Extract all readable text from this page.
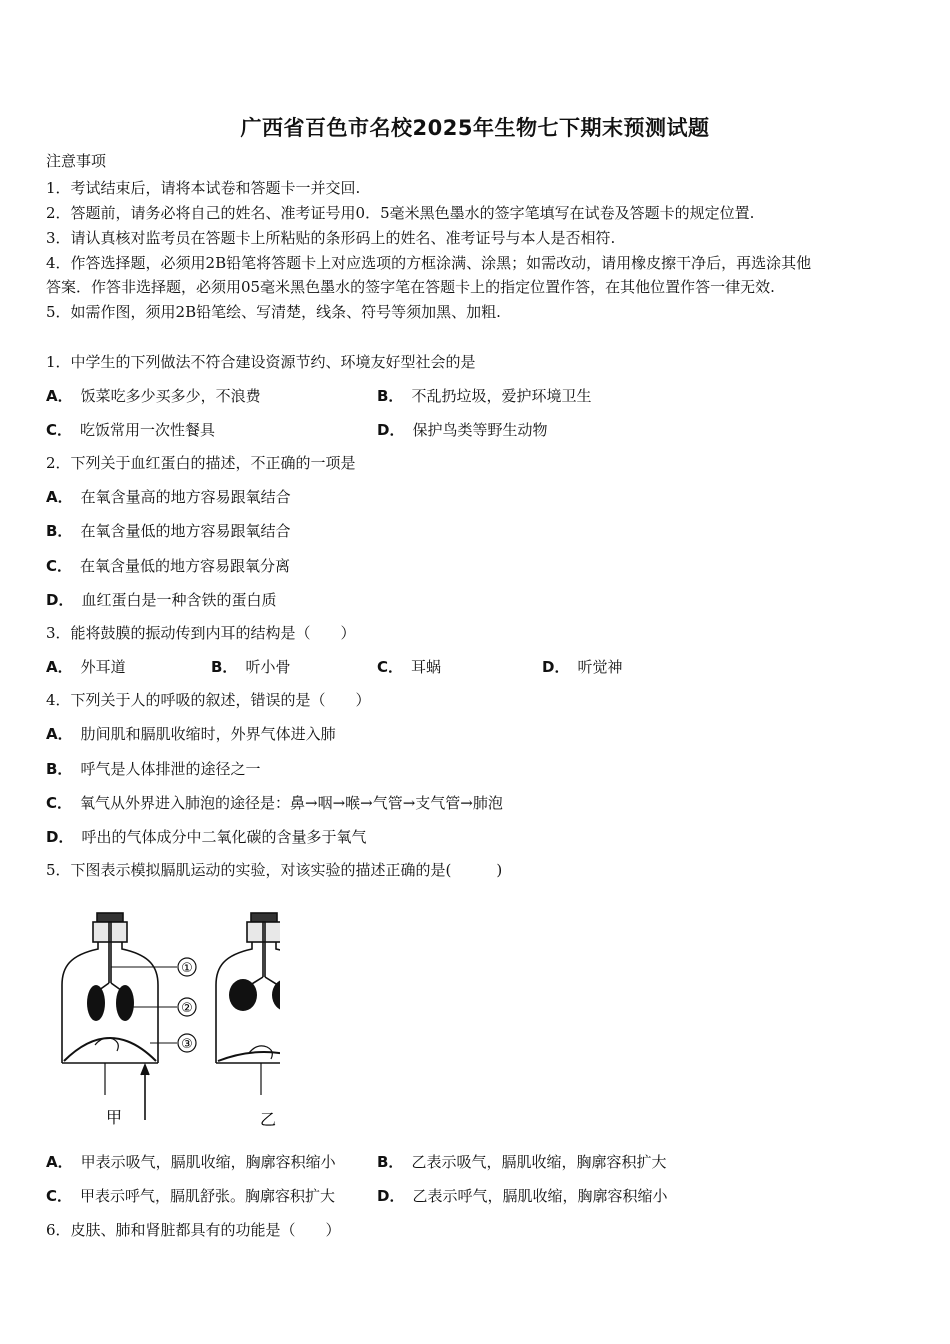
广西省百色市名校2025年生物七下期末预测试题
注意事项
1．考试结束后，请将本试卷和答题卡一并交回.
2．答题前，请务必将自己的姓名、准考证号用0．5毫米黑色墨水的签字笔填写在试卷及答题卡的规定位置.
3．请认真核对监考员在答题卡上所粘贴的条形码上的姓名、准考证号与本人是否相符.
4．作答选择题，必须用2B铅笔将答题卡上对应选项的方框涂满、涂黑；如需改动，请用橡皮擦干净后，再选涂其他
答案．作答非选择题，必须用05毫米黑色墨水的签字笔在答题卡上的指定位置作答，在其他位置作答一律无效.
5．如需作图，须用2B铅笔绘、写清楚，线条、符号等须加黑、加粗.
1．中学生的下列做法不符合建设资源节约、环境友好型社会的是
A． 饭菜吃多少买多少，不浪费	B． 不乱扔垃圾，爱护环境卫生
C． 吃饭常用一次性餐具	D． 保护鸟类等野生动物
2．下列关于血红蛋白的描述，不正确的一项是
A． 在氧含量高的地方容易跟氧结合
B． 在氧含量低的地方容易跟氧结合
C． 在氧含量低的地方容易跟氧分离
D． 血红蛋白是一种含铁的蛋白质
3．能将鼓膜的振动传到内耳的结构是（　　）
A． 外耳道	B． 听小骨	C． 耳蜗	D． 听觉神
4．下列关于人的呼吸的叙述，错误的是（　　）
A． 肋间肌和膈肌收缩时，外界气体进入肺
B． 呼气是人体排泄的途径之一
C． 氧气从外界进入肺泡的途径是：鼻→咽→喉→气管→支气管→肺泡
D． 呼出的气体成分中二氧化碳的含量多于氧气
5．下图表示模拟膈肌运动的实验，对该实验的描述正确的是(　　　)
①
②
③
甲	乙
A． 甲表示吸气，膈肌收缩，胸廓容积缩小	B． 乙表示吸气，膈肌收缩，胸廓容积扩大
C． 甲表示呼气，膈肌舒张。胸廓容积扩大	D． 乙表示呼气，膈肌收缩，胸廓容积缩小
6．皮肤、肺和肾脏都具有的功能是（　　）
